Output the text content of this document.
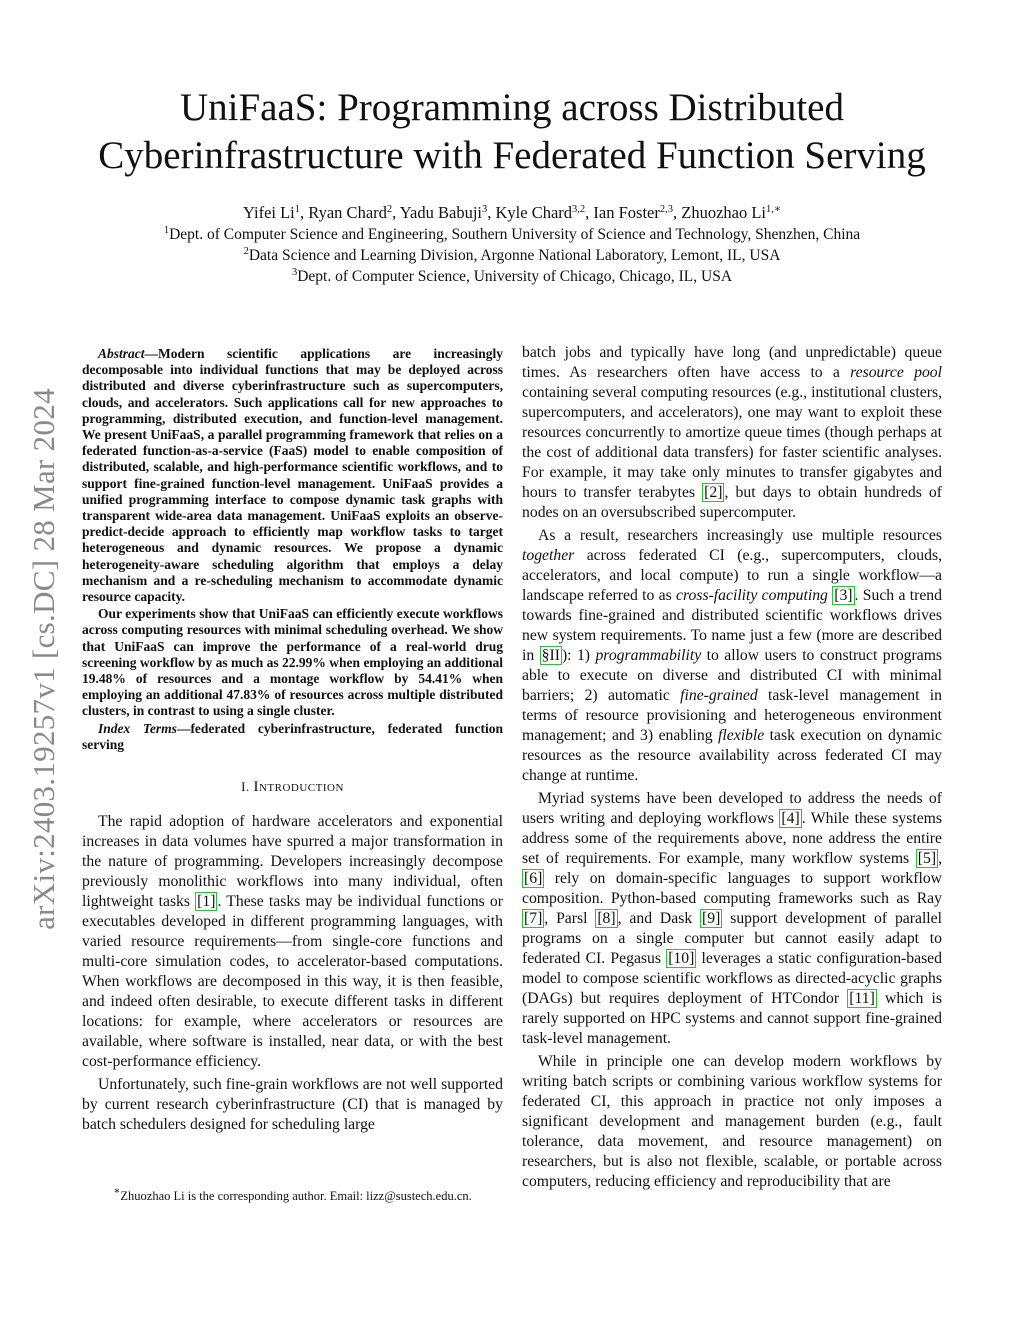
arXiv:2403.19257v1 [cs.DC] 28 Mar 2024
UniFaaS: Programming across Distributed
Cyberinfrastructure with Federated Function Serving
Yifei Li$^1$, Ryan Chard$^2$, Yadu Babuji$^3$, Kyle Chard$^{3,2}$, Ian Foster$^{2,3}$, Zhuozhao $Li^{1,∗}$
$^1$Dept. of Computer Science and Engineering, Southern University of Science and Technology, Shenzhen, China
$^2$Data Science and Learning Division, Argonne National Laboratory, Lemont, IL, USA
$^3$Dept. of Computer Science, University of Chicago, Chicago, IL, USA

Abstract—Modern scientific applications are increasingly decomposable into individual functions that may be deployed across distributed and diverse cyberinfrastructure such as supercomputers, clouds, and accelerators. Such applications call for new approaches to programming, distributed execution, and function-level management. We present UniFaaS, a parallel programming framework that relies on a federated function-as-a-service (FaaS) model to enable composition of distributed, scalable, and high-performance scientific workflows, and to support fine-grained function-level management. UniFaaS provides a unified programming interface to compose dynamic task graphs with transparent wide-area data management. UniFaaS exploits an observe-predict-decide approach to efficiently map workflow tasks to target heterogeneous and dynamic resources. We propose a dynamic heterogeneity-aware scheduling algorithm that employs a delay mechanism and a re-scheduling mechanism to accommodate dynamic resource capacity.

Our experiments show that UniFaaS can efficiently execute workflows across computing resources with minimal scheduling overhead. We show that UniFaaS can improve the performance of a real-world drug screening workflow by as much as 22.99% when employing an additional 19.48% of resources and a montage workflow by 54.41% when employing an additional 47.83% of resources across multiple distributed clusters, in contrast to using a single cluster.

Index Terms—federated cyberinfrastructure, federated function serving

I. Introduction

The rapid adoption of hardware accelerators and exponential increases in data volumes have spurred a major transformation in the nature of programming. Developers increasingly decompose previously monolithic workflows into many individual, often lightweight tasks [1] . These tasks may be individual functions or executables developed in different programming languages, with varied resource requirements—from single-core functions and multi-core simulation codes, to accelerator-based computations. When workflows are decomposed in this way, it is then feasible, and indeed often desirable, to execute different tasks in different locations: for example, where accelerators or resources are available, where software is installed, near data, or with the best cost-performance efficiency.

Unfortunately, such fine-grain workflows are not well supported by current research cyberinfrastructure (CI) that is managed by batch schedulers designed for scheduling large

batch jobs and typically have long (and unpredictable) queue times. As researchers often have access to a resource pool containing several computing resources (e.g., institutional clusters, supercomputers, and accelerators), one may want to exploit these resources concurrently to amortize queue times (though perhaps at the cost of additional data transfers) for faster scientific analyses. For example, it may take only minutes to transfer gigabytes and hours to transfer terabytes [2] , but days to obtain hundreds of nodes on an oversubscribed supercomputer.

As a result, researchers increasingly use multiple resources together across federated CI (e.g., supercomputers, clouds, accelerators, and local compute) to run a single workflow—a landscape referred to as cross-facility computing [3] . Such a trend towards fine-grained and distributed scientific workflows drives new system requirements. To name just a few (more are described in §II ): 1) programmability to allow users to construct programs able to execute on diverse and distributed CI with minimal barriers; 2) automatic fine-grained task-level management in terms of resource provisioning and heterogeneous environment management; and 3) enabling flexible task execution on dynamic resources as the resource availability across federated CI may change at runtime.

Myriad systems have been developed to address the needs of users writing and deploying workflows [4] . While these systems address some of the requirements above, none address the entire set of requirements. For example, many workflow systems [5] , [6] rely on domain-specific languages to support workflow composition. Python-based computing frameworks such as Ray [7] , Parsl [8] , and Dask [9] support development of parallel programs on a single computer but cannot easily adapt to federated CI. Pegasus [10] leverages a static configuration-based model to compose scientific workflows as directed-acyclic graphs (DAGs) but requires deployment of HTCondor [11] which is rarely supported on HPC systems and cannot support fine-grained task-level management.

While in principle one can develop modern workflows by writing batch scripts or combining various workflow systems for federated CI, this approach in practice not only imposes a significant development and management burden (e.g., fault tolerance, data movement, and resource management) on researchers, but is also not flexible, scalable, or portable across computers, reducing efficiency and reproducibility that are

∗Zhuozhao Li is the corresponding author. Email: lizz@sustech.edu.cn.
